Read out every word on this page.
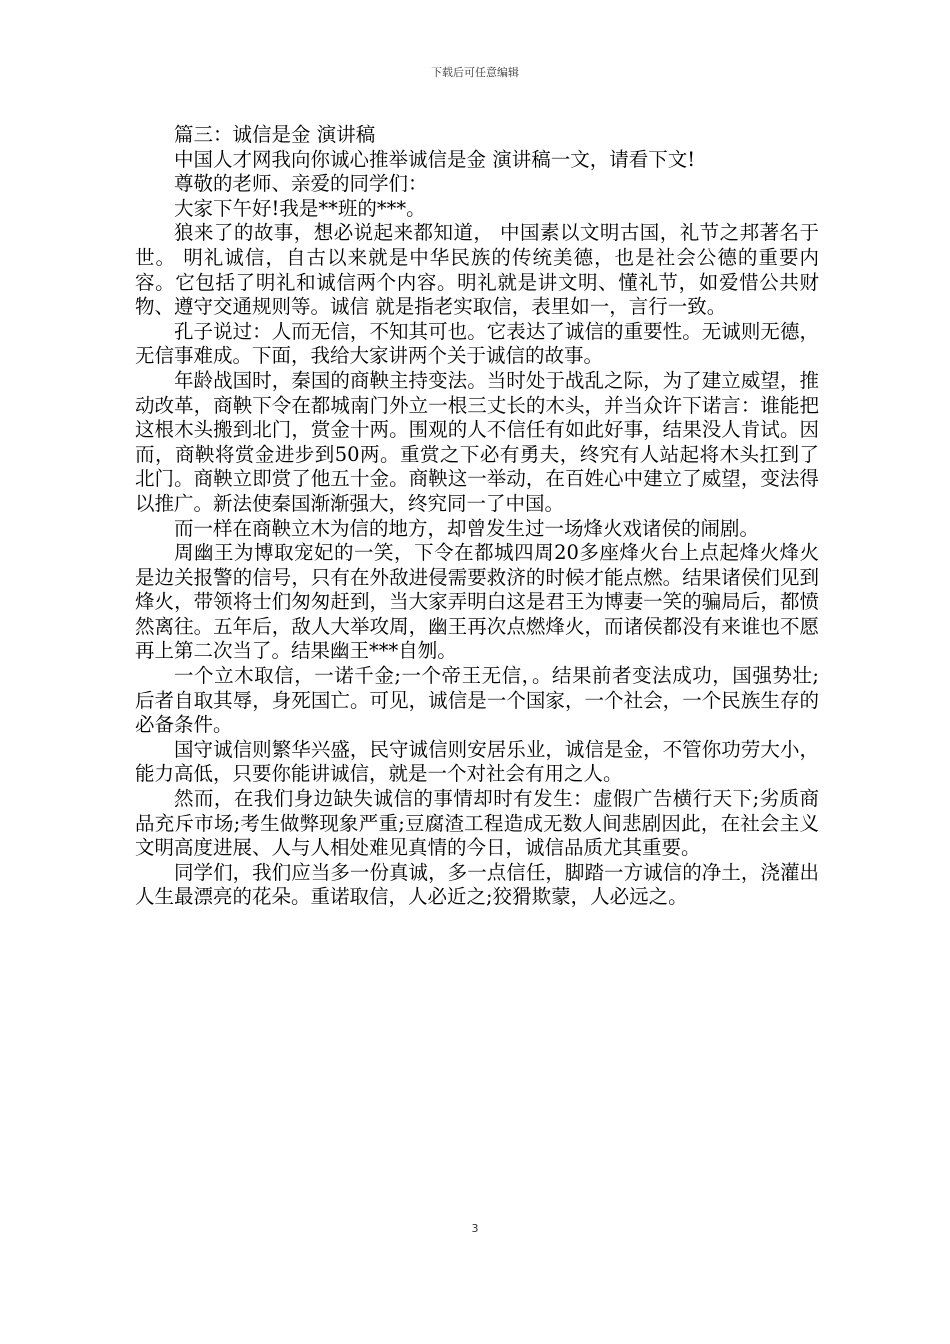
下载后可任意编辑

篇三：诚信是金 演讲稿

中国人才网我向你诚心推举诚信是金 演讲稿一文，请看下文!

尊敬的老师、亲爱的同学们：

大家下午好!我是**班的***。

狼来了的故事，想必说起来都知道， 中国素以文明古国，礼节之邦著名于世。 明礼诚信，自古以来就是中华民族的传统美德，也是社会公德的重要内容。它包括了明礼和诚信两个内容。明礼就是讲文明、懂礼节，如爱惜公共财物、遵守交通规则等。诚信 就是指老实取信，表里如一，言行一致。

孔子说过：人而无信，不知其可也。它表达了诚信的重要性。无诚则无德，无信事难成。下面，我给大家讲两个关于诚信的故事。

年龄战国时，秦国的商鞅主持变法。当时处于战乱之际，为了建立威望，推动改革，商鞅下令在都城南门外立一根三丈长的木头，并当众许下诺言：谁能把这根木头搬到北门，赏金十两。围观的人不信任有如此好事，结果没人肯试。因而，商鞅将赏金进步到50两。重赏之下必有勇夫，终究有人站起将木头扛到了北门。商鞅立即赏了他五十金。商鞅这一举动，在百姓心中建立了威望，变法得以推广。新法使秦国渐渐强大，终究同一了中国。

而一样在商鞅立木为信的地方，却曾发生过一场烽火戏诸侯的闹剧。

周幽王为博取宠妃的一笑，下令在都城四周20多座烽火台上点起烽火烽火是边关报警的信号，只有在外敌进侵需要救济的时候才能点燃。结果诸侯们见到烽火，带领将士们匆匆赶到，当大家弄明白这是君王为博妻一笑的骗局后，都愤然离往。五年后，敌人大举攻周，幽王再次点燃烽火，而诸侯都没有来谁也不愿再上第二次当了。结果幽王***自刎。

一个立木取信，一诺千金;一个帝王无信，。结果前者变法成功，国强势壮;后者自取其辱，身死国亡。可见，诚信是一个国家，一个社会，一个民族生存的必备条件。

国守诚信则繁华兴盛，民守诚信则安居乐业，诚信是金，不管你功劳大小，能力高低，只要你能讲诚信，就是一个对社会有用之人。

然而，在我们身边缺失诚信的事情却时有发生：虚假广告横行天下;劣质商品充斥市场;考生做弊现象严重;豆腐渣工程造成无数人间悲剧因此，在社会主义文明高度进展、人与人相处难见真情的今日，诚信品质尤其重要。

同学们，我们应当多一份真诚，多一点信任，脚踏一方诚信的净土，浇灌出人生最漂亮的花朵。重诺取信，人必近之;狡猾欺蒙，人必远之。

3
